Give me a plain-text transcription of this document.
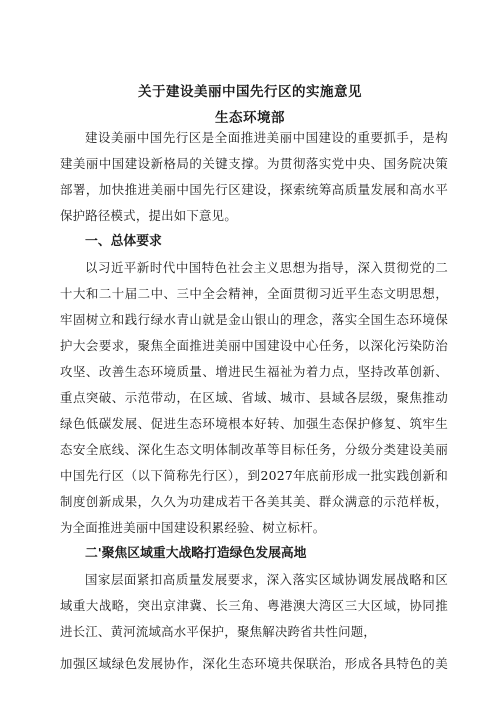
关于建设美丽中国先行区的实施意见
生态环境部
建设美丽中国先行区是全面推进美丽中国建设的重要抓手，是构
建美丽中国建设新格局的关键支撑。为贯彻落实党中央、国务院决策
部署，加快推进美丽中国先行区建设，探索统筹高质量发展和高水平
保护路径模式，提出如下意见。
一、总体要求
以习近平新时代中国特色社会主义思想为指导，深入贯彻党的二
十大和二十届二中、三中全会精神，全面贯彻习近平生态文明思想，
牢固树立和践行绿水青山就是金山银山的理念，落实全国生态环境保
护大会要求，聚焦全面推进美丽中国建设中心任务，以深化污染防治
攻坚、改善生态环境质量、增进民生福祉为着力点，坚持改革创新、
重点突破、示范带动，在区域、省域、城市、县域各层级，聚焦推动
绿色低碳发展、促进生态环境根本好转、加强生态保护修复、筑牢生
态安全底线、深化生态文明体制改革等目标任务，分级分类建设美丽
中国先行区（以下简称先行区），到2027年底前形成一批实践创新和
制度创新成果，久久为功建成若干各美其美、群众满意的示范样板，
为全面推进美丽中国建设积累经验、树立标杆。
二'聚焦区域重大战略打造绿色发展高地
国家层面紧扣高质量发展要求，深入落实区域协调发展战略和区
域重大战略，突出京津冀、长三角、粤港澳大湾区三大区域，协同推
进长江、黄河流域高水平保护，聚焦解决跨省共性问题，
加强区域绿色发展协作，深化生态环境共保联治，形成各具特色的美
